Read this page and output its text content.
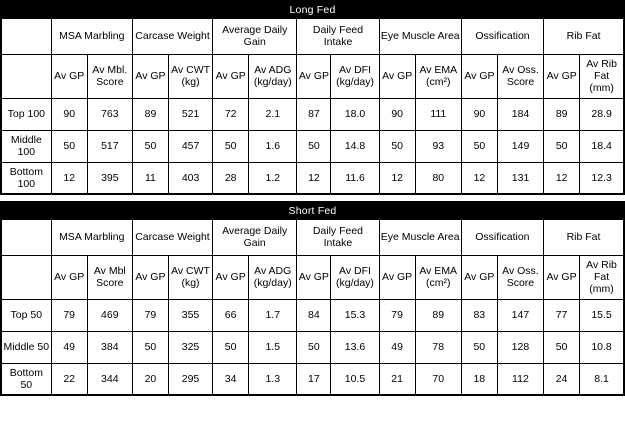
Long Fed														
	MSA Marbling		Carcase Weight		Average Daily Gain		Daily Feed Intake		Eye Muscle Area		Ossification		Rib Fat	
	Av GP	Av Mbl. Score	Av GP	Av CWT (kg)	Av GP	Av ADG (kg/day)	Av GP	Av DFI (kg/day)	Av GP	Av EMA (cm²)	Av GP	Av Oss. Score	Av GP	Av Rib Fat (mm)
Top 100	90	763	89	521	72	2.1	87	18.0	90	111	90	184	89	28.9
Middle 100	50	517	50	457	50	1.6	50	14.8	50	93	50	149	50	18.4
Bottom 100	12	395	11	403	28	1.2	12	11.6	12	80	12	131	12	12.3
Short Fed														
	MSA Marbling		Carcase Weight		Average Daily Gain		Daily Feed Intake		Eye Muscle Area		Ossification		Rib Fat	
	Av GP	Av Mbl Score	Av GP	Av CWT (kg)	Av GP	Av ADG (kg/day)	Av GP	Av DFI (kg/day)	Av GP	Av EMA (cm²)	Av GP	Av Oss. Score	Av GP	Av Rib Fat (mm)
Top 50	79	469	79	355	66	1.7	84	15.3	79	89	83	147	77	15.5
Middle 50	49	384	50	325	50	1.5	50	13.6	49	78	50	128	50	10.8
Bottom 50	22	344	20	295	34	1.3	17	10.5	21	70	18	112	24	8.1
